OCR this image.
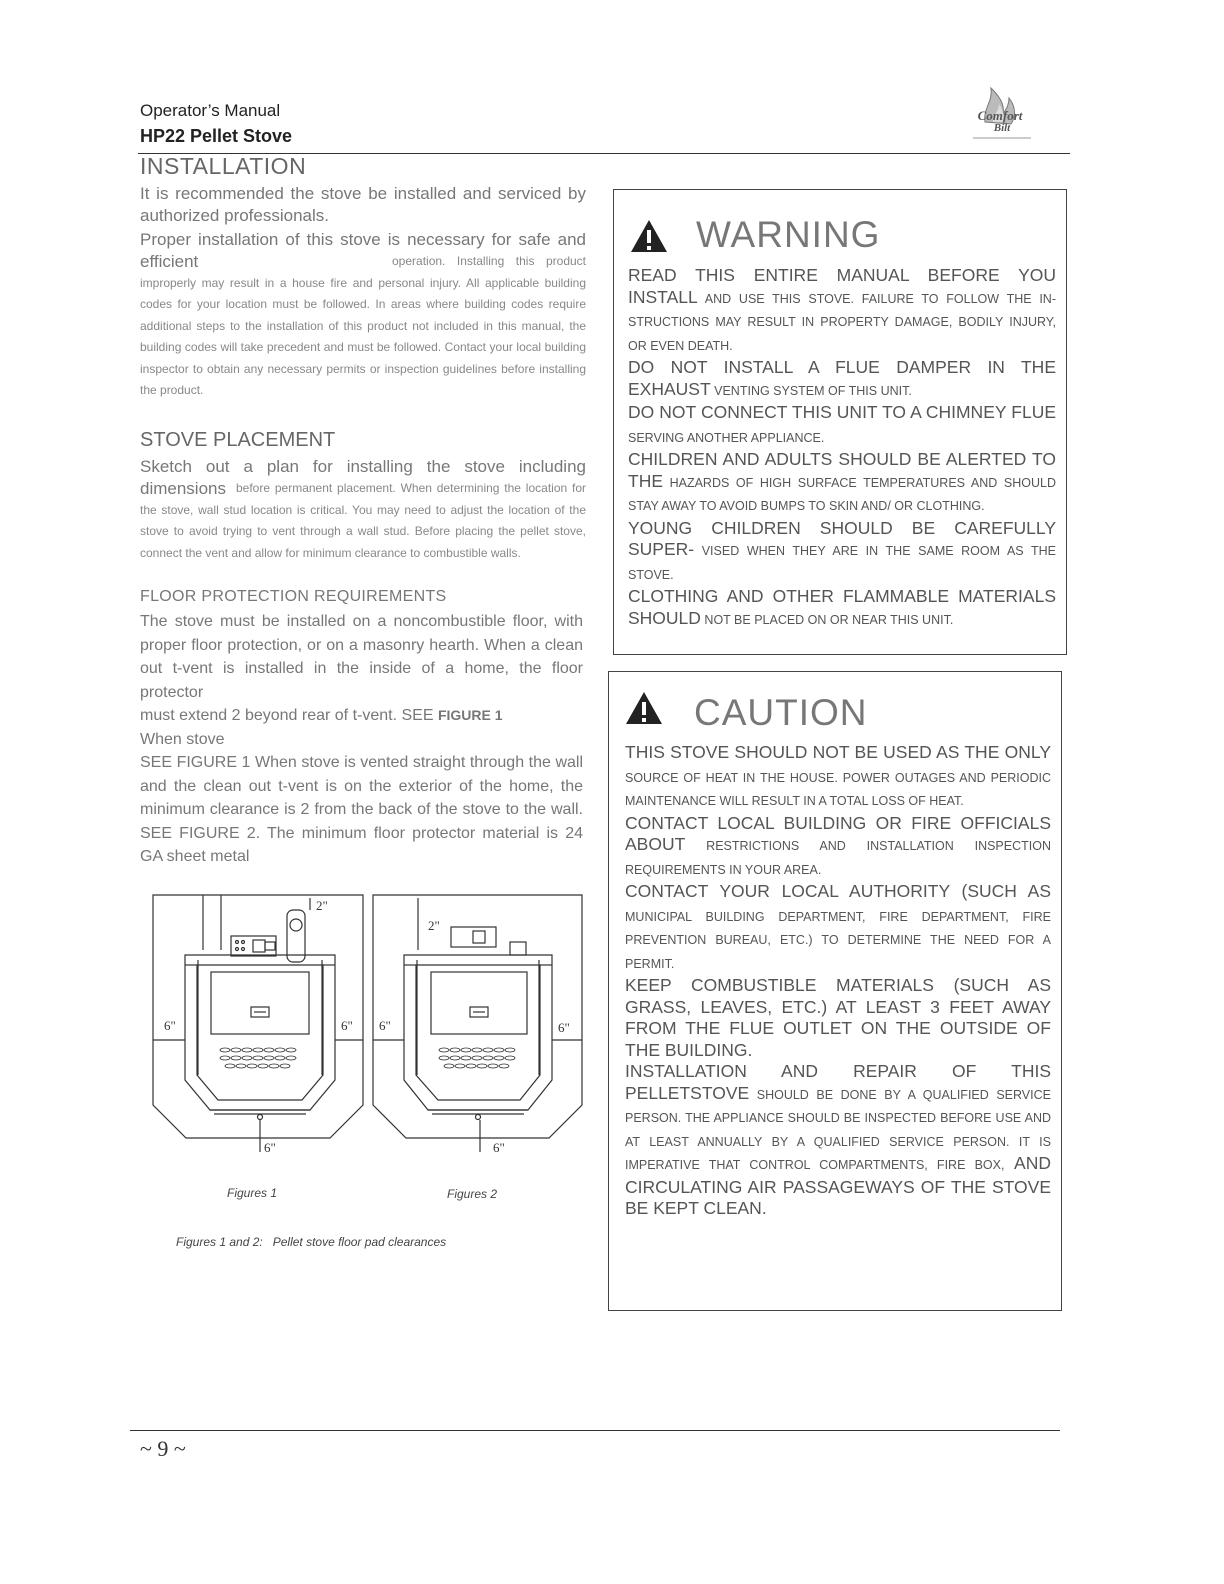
Operator’s Manual
HP22 Pellet Stove
Comfort
Bilt
INSTALLATION

It is recommended the stove be installed and serviced by authorized professionals.

Proper installation of this stove is necessary for safe and efficient	operation. Installing this product improperly may result in a house fire and personal injury. All applicable building codes for your location must be followed. In areas where building codes require additional steps to the installation of this product not included in this manual, the building codes will take precedent and must be followed. Contact your local building inspector to obtain any necessary permits or inspection guidelines before installing the product.

STOVE PLACEMENT

Sketch out a plan for installing the stove including dimensions before permanent placement. When determining the location for the stove, wall stud location is critical. You may need to adjust the location of the stove to avoid trying to vent through a wall stud. Before placing the pellet stove, connect the vent and allow for minimum clearance to combustible walls.

FLOOR PROTECTION REQUIREMENTS

The stove must be installed on a noncombustible floor, with proper floor protection, or on a masonry hearth. When a clean out t-vent is installed in the inside of a home, the floor protector

must extend 2 beyond rear of t-vent. SEE FIGURE 1

When stove

SEE FIGURE 1 When stove is vented straight through the wall and the clean out t-vent is on the exterior of the home, the minimum clearance is 2 from the back of the stove to the wall. SEE FIGURE 2. The minimum floor protector material is 24 GA sheet metal

2"
6"	6"
6"
2"
6"	6"
6"
Figures 1	Figures 2
Figures 1 and 2:   Pellet stove floor pad clearances
WARNING

READ THIS ENTIRE MANUAL BEFORE YOU INSTALL AND USE THIS STOVE. FAILURE TO FOLLOW THE IN- STRUCTIONS MAY RESULT IN PROPERTY DAMAGE, BODILY INJURY, OR EVEN DEATH.

DO NOT INSTALL A FLUE DAMPER IN THE EXHAUST VENTING SYSTEM OF THIS UNIT.

DO NOT CONNECT THIS UNIT TO A CHIMNEY FLUE SERVING ANOTHER APPLIANCE.

CHILDREN AND ADULTS SHOULD BE ALERTED TO THE HAZARDS OF HIGH SURFACE TEMPERATURES AND SHOULD STAY AWAY TO AVOID BUMPS TO SKIN AND/ OR CLOTHING.

YOUNG CHILDREN SHOULD BE CAREFULLY SUPER- VISED WHEN THEY ARE IN THE SAME ROOM AS THE STOVE.

CLOTHING AND OTHER FLAMMABLE MATERIALS SHOULD NOT BE PLACED ON OR NEAR THIS UNIT.

CAUTION

THIS STOVE SHOULD NOT BE USED AS THE ONLY SOURCE OF HEAT IN THE HOUSE. POWER OUTAGES AND PERIODIC MAINTENANCE WILL RESULT IN A TOTAL LOSS OF HEAT.

CONTACT LOCAL BUILDING OR FIRE OFFICIALS ABOUT RESTRICTIONS AND INSTALLATION INSPECTION REQUIREMENTS IN YOUR AREA.

CONTACT YOUR LOCAL AUTHORITY (SUCH AS MUNICIPAL BUILDING DEPARTMENT, FIRE DEPARTMENT, FIRE PREVENTION BUREAU, ETC.) TO DETERMINE THE NEED FOR A PERMIT.

KEEP COMBUSTIBLE MATERIALS (SUCH AS GRASS, LEAVES, ETC.) AT LEAST 3 FEET AWAY FROM THE FLUE OUTLET ON THE OUTSIDE OF THE BUILDING.

INSTALLATION AND REPAIR OF THIS PELLETSTOVE SHOULD BE DONE BY A QUALIFIED SERVICE PERSON. THE APPLIANCE SHOULD BE INSPECTED BEFORE USE AND AT LEAST ANNUALLY BY A QUALIFIED SERVICE PERSON. IT IS IMPERATIVE THAT CONTROL COMPARTMENTS, FIRE BOX, AND CIRCULATING AIR PASSAGEWAYS OF THE STOVE BE KEPT CLEAN.

~ 9 ~
